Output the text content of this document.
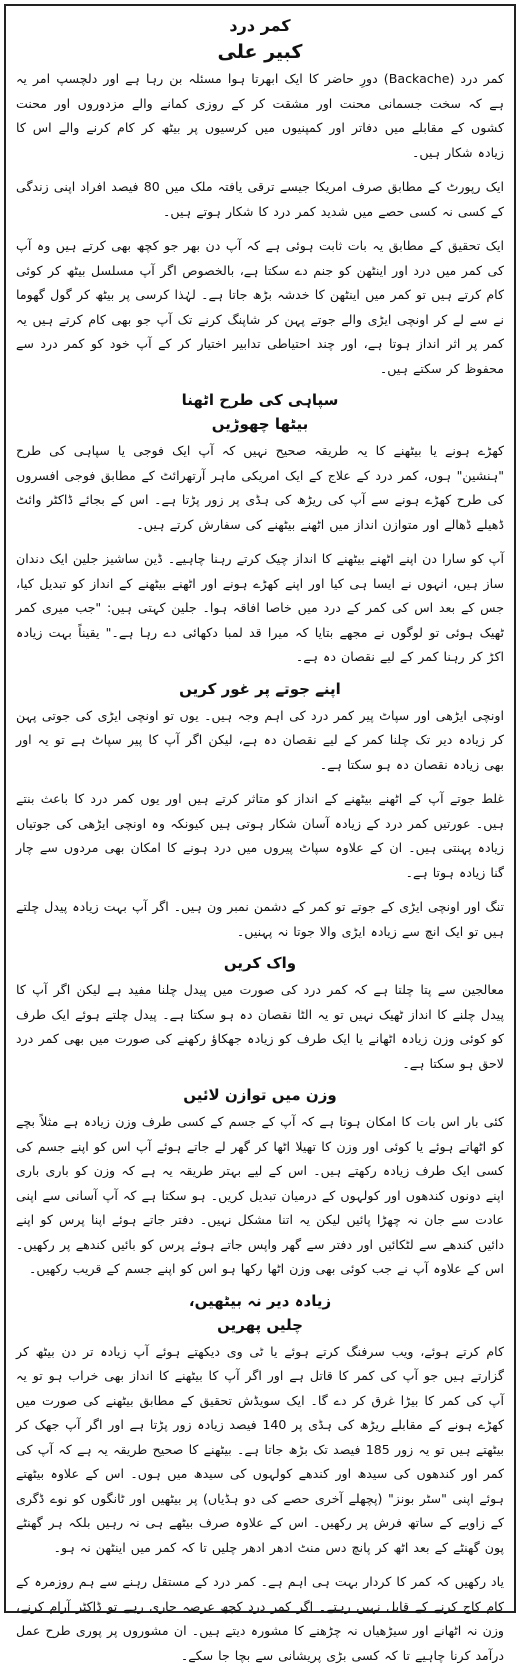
کمر درد
کبیر علی
کمر درد (Backache) دورِ حاضر کا ایک ابھرتا ہوا مسئلہ بن رہا ہے اور دلچسپ امر یہ ہے کہ سخت جسمانی محنت اور مشقت کر کے روزی کمانے والے مزدوروں اور محنت کشوں کے مقابلے میں دفاتر اور کمپنیوں میں کرسیوں پر بیٹھ کر کام کرنے والے اس کا زیادہ شکار ہیں۔
ایک رپورٹ کے مطابق صرف امریکا جیسے ترقی یافتہ ملک میں 80 فیصد افراد اپنی زندگی کے کسی نہ کسی حصے میں شدید کمر درد کا شکار ہوتے ہیں۔
ایک تحقیق کے مطابق یہ بات ثابت ہوئی ہے کہ آپ دن بھر جو کچھ بھی کرتے ہیں وہ آپ کی کمر میں درد اور اینٹھن کو جنم دے سکتا ہے، بالخصوص اگر آپ مسلسل بیٹھ کر کوئی کام کرتے ہیں تو کمر میں اینٹھن کا خدشہ بڑھ جاتا ہے۔ لہٰذا کرسی پر بیٹھ کر گول گھوما نے سے لے کر اونچی ایڑی والے جوتے پہن کر شاپنگ کرنے تک آپ جو بھی کام کرتے ہیں یہ کمر پر اثر انداز ہوتا ہے، اور چند احتیاطی تدابیر اختیار کر کے آپ خود کو کمر درد سے محفوظ کر سکتے ہیں۔
سپاہی کی طرح اٹھنا
بیٹھا چھوڑیں
کھڑے ہونے یا بیٹھنے کا یہ طریقہ صحیح نہیں کہ آپ ایک فوجی یا سپاہی کی طرح "ہنشین" ہوں، کمر درد کے علاج کے ایک امریکی ماہر آرتھرائٹ کے مطابق فوجی افسروں کی طرح کھڑے ہونے سے آپ کی ریڑھ کی ہڈی پر زور پڑتا ہے۔ اس کے بجائے ڈاکٹر وائٹ ڈھیلے ڈھالے اور متوازن انداز میں اٹھنے بیٹھنے کی سفارش کرتے ہیں۔
آپ کو سارا دن اپنے اٹھنے بیٹھنے کا انداز چیک کرتے رہنا چاہیے۔ ڈین ساشیز جلین ایک دندان ساز ہیں، انہوں نے ایسا ہی کیا اور اپنے کھڑے ہونے اور اٹھنے بیٹھنے کے انداز کو تبدیل کیا، جس کے بعد اس کی کمر کے درد میں خاصا افاقہ ہوا۔ جلین کہتی ہیں: "جب میری کمر ٹھیک ہوئی تو لوگوں نے مجھے بتایا کہ میرا قد لمبا دکھائی دے رہا ہے۔" یقیناً بہت زیادہ اکڑ کر رہنا کمر کے لیے نقصان دہ ہے۔
اپنے جوتے پر غور کریں
اونچی ایڑھی اور سپاٹ پیر کمر درد کی اہم وجہ ہیں۔ یوں تو اونچی ایڑی کی جوتی پہن کر زیادہ دیر تک چلنا کمر کے لیے نقصان دہ ہے، لیکن اگر آپ کا پیر سپاٹ ہے تو یہ اور بھی زیادہ نقصان دہ ہو سکتا ہے۔
غلط جوتے آپ کے اٹھنے بیٹھنے کے انداز کو متاثر کرتے ہیں اور یوں کمر درد کا باعث بنتے ہیں۔ عورتیں کمر درد کے زیادہ آسان شکار ہوتی ہیں کیونکہ وہ اونچی ایڑھی کی جوتیاں زیادہ پہنتی ہیں۔ ان کے علاوہ سپاٹ پیروں میں درد ہونے کا امکان بھی مردوں سے چار گنا زیادہ ہوتا ہے۔
تنگ اور اونچی ایڑی کے جوتے تو کمر کے دشمن نمبر ون ہیں۔ اگر آپ بہت زیادہ پیدل چلتے ہیں تو ایک انچ سے زیادہ ایڑی والا جوتا نہ پہنیں۔
واک کریں
معالجین سے پتا چلتا ہے کہ کمر درد کی صورت میں پیدل چلنا مفید ہے لیکن اگر آپ کا پیدل چلنے کا انداز ٹھیک نہیں تو یہ الٹا نقصان دہ ہو سکتا ہے۔ پیدل چلتے ہوئے ایک طرف کو کوئی وزن زیادہ اٹھانے یا ایک طرف کو زیادہ جھکاؤ رکھنے کی صورت میں بھی کمر درد لاحق ہو سکتا ہے۔
وزن میں توازن لائیں
کئی بار اس بات کا امکان ہوتا ہے کہ آپ کے جسم کے کسی طرف وزن زیادہ ہے مثلاً بچے کو اٹھاتے ہوئے یا کوئی اور وزن کا تھیلا اٹھا کر گھر لے جاتے ہوئے آپ اس کو اپنے جسم کی کسی ایک طرف زیادہ رکھتے ہیں۔ اس کے لیے بہتر طریقہ یہ ہے کہ وزن کو باری باری اپنے دونوں کندھوں اور کولہوں کے درمیان تبدیل کریں۔ ہو سکتا ہے کہ آپ آسانی سے اپنی عادت سے جان نہ چھڑا پائیں لیکن یہ اتنا مشکل نہیں۔ دفتر جاتے ہوئے اپنا پرس کو اپنے دائیں کندھے سے لٹکائیں اور دفتر سے گھر واپس جاتے ہوئے پرس کو بائیں کندھے پر رکھیں۔ اس کے علاوہ آپ نے جب کوئی بھی وزن اٹھا رکھا ہو اس کو اپنے جسم کے قریب رکھیں۔
زیادہ دیر نہ بیٹھیں،
چلیں پھریں
کام کرتے ہوئے، ویب سرفنگ کرتے ہوئے یا ٹی وی دیکھتے ہوئے آپ زیادہ تر دن بیٹھ کر گزارتے ہیں جو آپ کی کمر کا قاتل ہے اور اگر آپ کا بیٹھنے کا انداز بھی خراب ہو تو یہ آپ کی کمر کا بیڑا غرق کر دے گا۔ ایک سویڈش تحقیق کے مطابق بیٹھنے کی صورت میں کھڑے ہونے کے مقابلے ریڑھ کی ہڈی پر 140 فیصد زیادہ زور پڑتا ہے اور اگر آپ جھک کر بیٹھتے ہیں تو یہ زور 185 فیصد تک بڑھ جاتا ہے۔ بیٹھنے کا صحیح طریقہ یہ ہے کہ آپ کی کمر اور کندھوں کی سیدھ اور کندھے کولہوں کی سیدھ میں ہوں۔ اس کے علاوہ بیٹھتے ہوئے اپنی "سٹر بونز" (پچھلے آخری حصے کی دو ہڈیاں) پر بیٹھیں اور ٹانگوں کو نوے ڈگری کے زاویے کے ساتھ فرش پر رکھیں۔ اس کے علاوہ صرف بیٹھے ہی نہ رہیں بلکہ ہر گھنٹے پون گھنٹے کے بعد اٹھ کر پانچ دس منٹ ادھر ادھر چلیں تا کہ کمر میں اینٹھن نہ ہو۔
یاد رکھیں کہ کمر کا کردار بہت ہی اہم ہے۔ کمر درد کے مستقل رہنے سے ہم روزمرہ کے کام کاج کرنے کے قابل نہیں رہتے۔ اگر کمر درد کچھ عرصہ جاری رہے تو ڈاکٹر آرام کرنے، وزن نہ اٹھانے اور سیڑھیاں نہ چڑھنے کا مشورہ دیتے ہیں۔ ان مشوروں پر پوری طرح عمل درآمد کرنا چاہیے تا کہ کسی بڑی پریشانی سے بچا جا سکے۔
